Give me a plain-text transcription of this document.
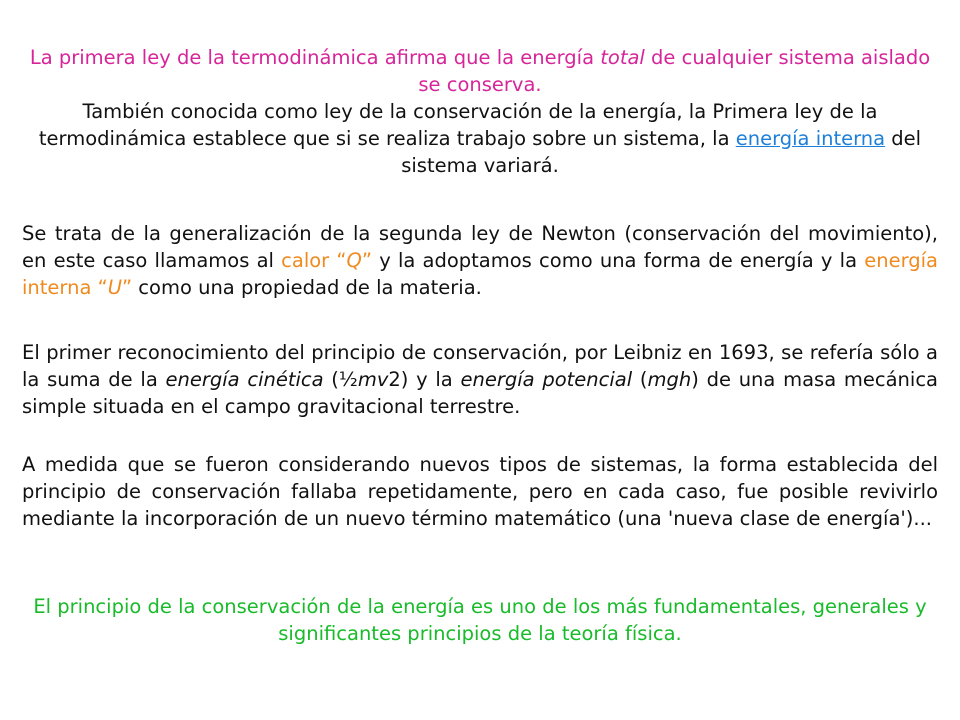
La primera ley de la termodinámica afirma que la energía total de cualquier sistema aislado se conserva.

También conocida como ley de la conservación de la energía, la Primera ley de la termodinámica establece que si se realiza trabajo sobre un sistema, la energía interna del sistema variará.

Se trata de la generalización de la segunda ley de Newton (conservación del movimiento), en este caso llamamos al calor “Q” y la adoptamos como una forma de energía y la energía interna “U” como una propiedad de la materia.

El primer reconocimiento del principio de conservación, por Leibniz en 1693, se refería sólo a la suma de la energía cinética (½mv2) y la energía potencial (mgh) de una masa mecánica simple situada en el campo gravitacional terrestre.

A medida que se fueron considerando nuevos tipos de sistemas, la forma establecida del principio de conservación fallaba repetidamente, pero en cada caso, fue posible revivirlo mediante la incorporación de un nuevo término matemático (una 'nueva clase de energía')...

El principio de la conservación de la energía es uno de los más fundamentales, generales y significantes principios de la teoría física.
